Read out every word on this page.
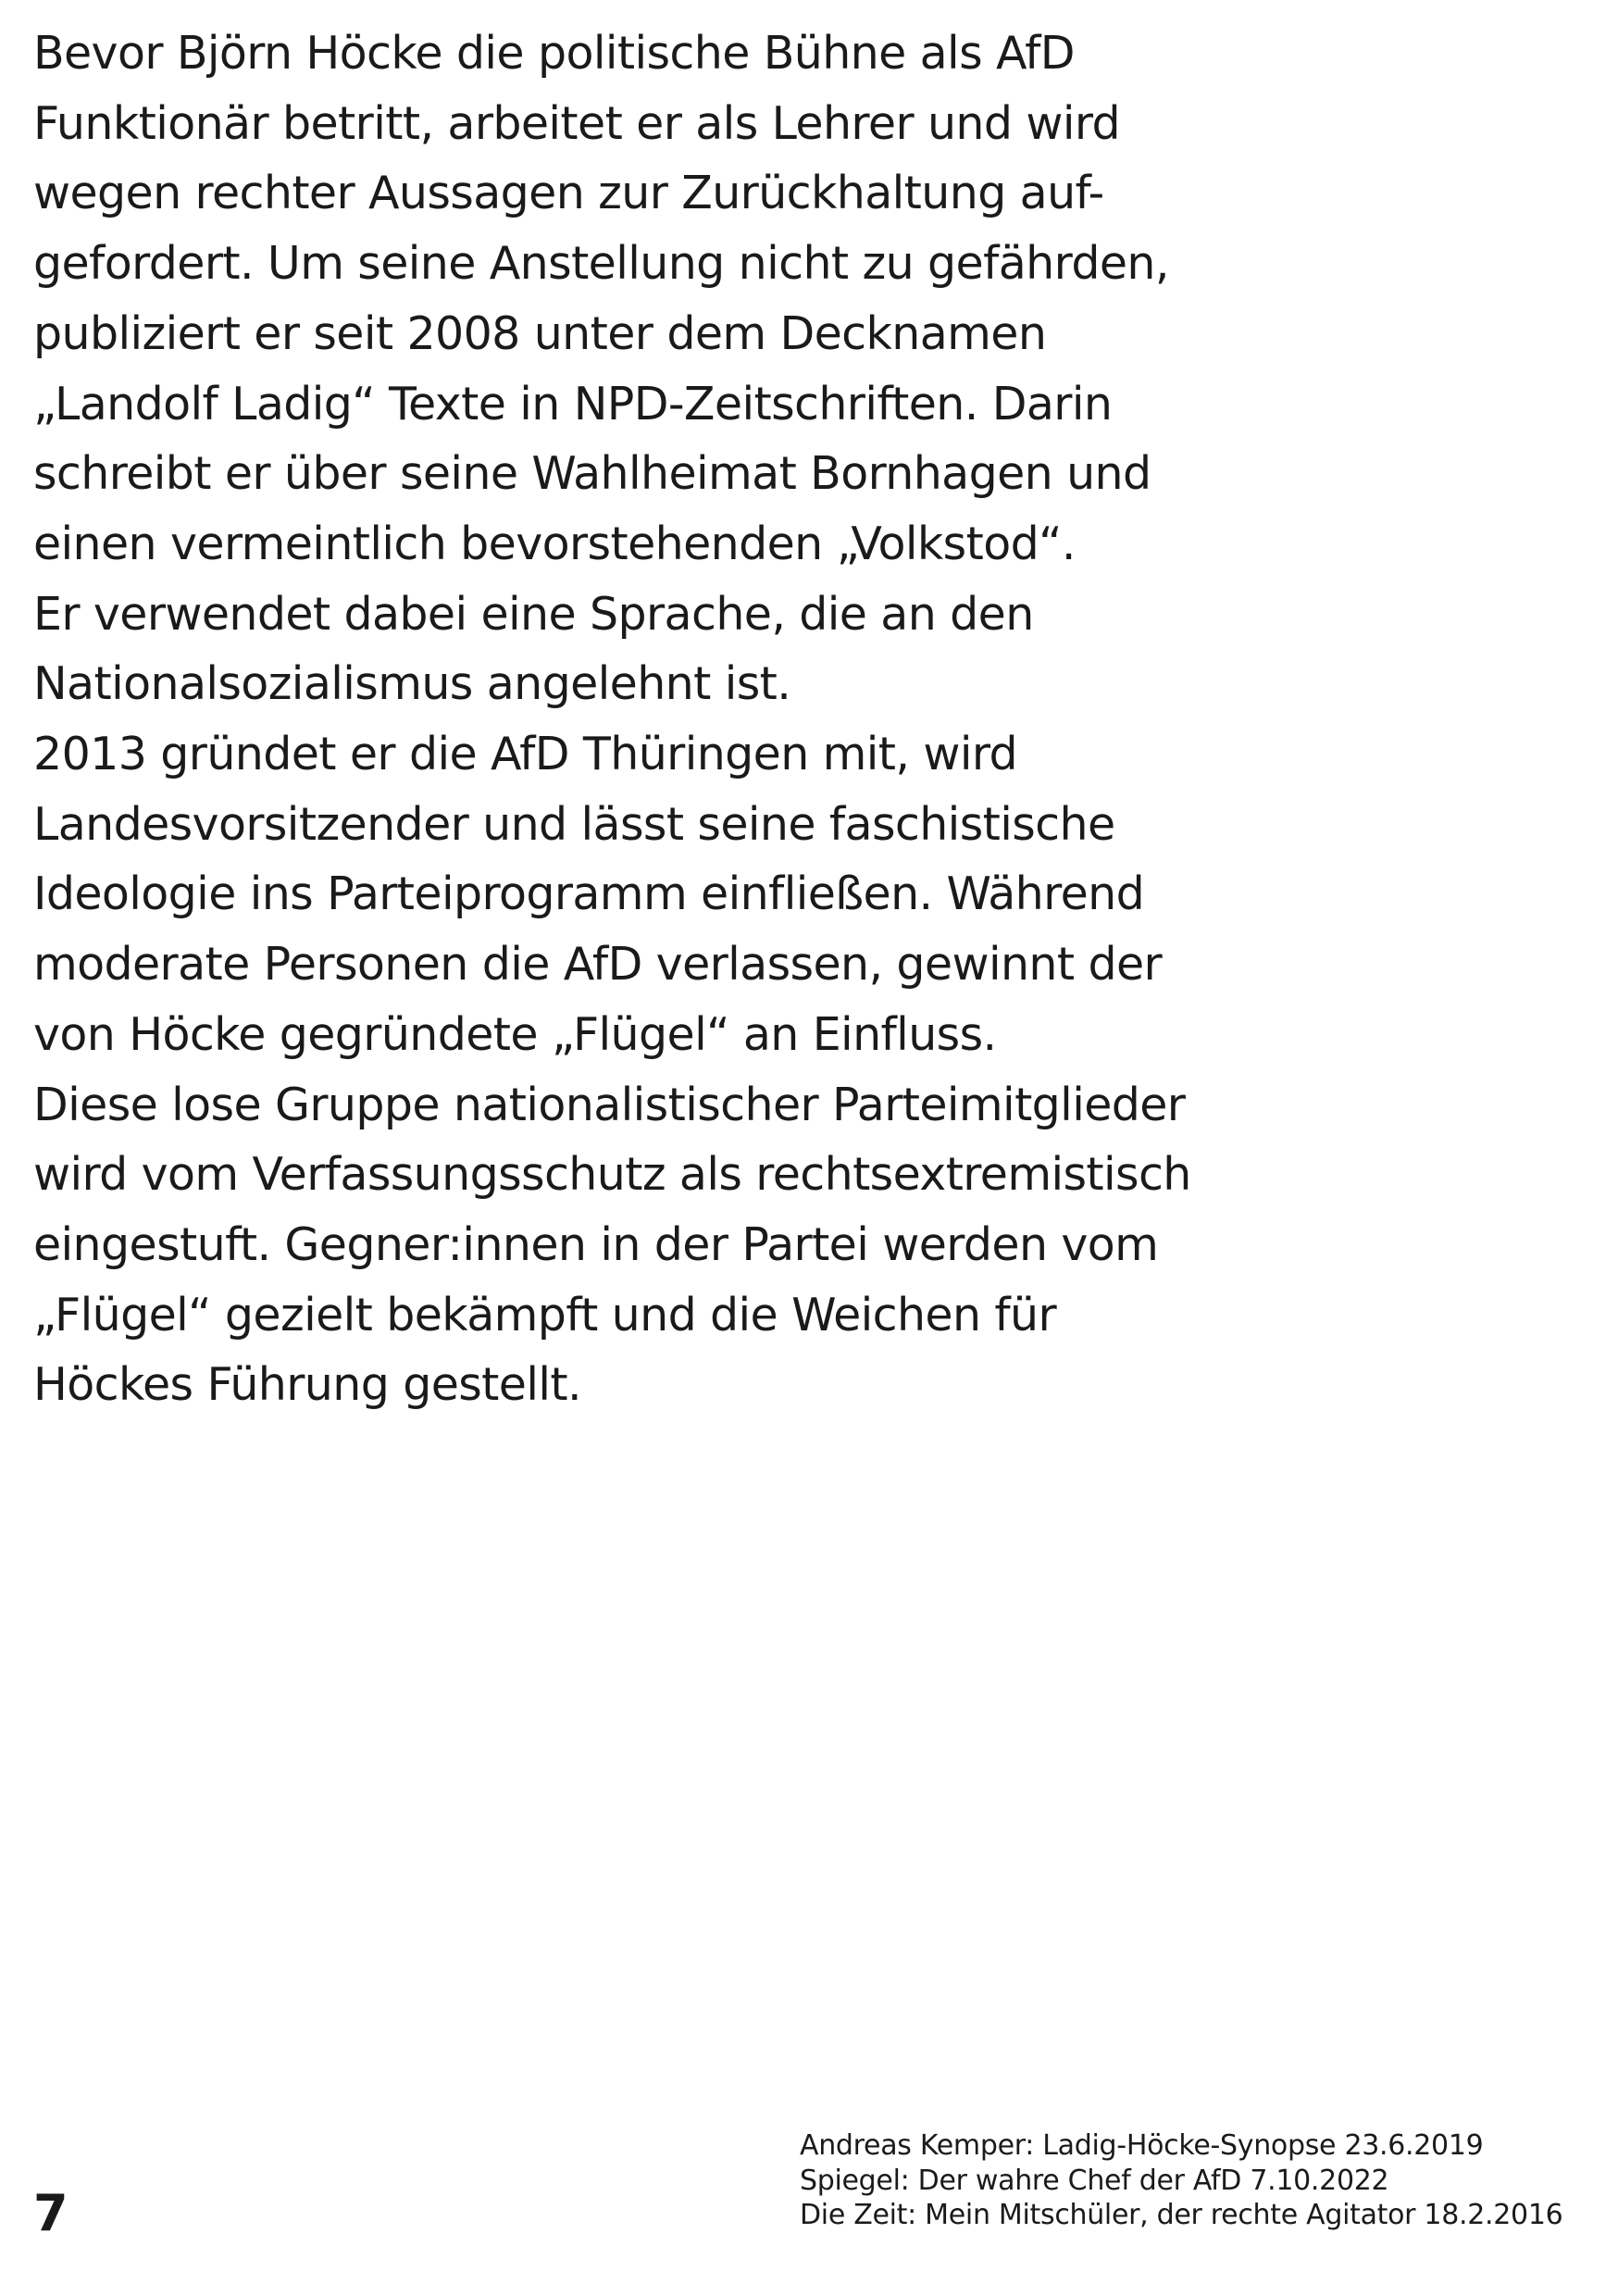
Bevor Björn Höcke die politische Bühne als AfD
Funktionär betritt, arbeitet er als Lehrer und wird
wegen rechter Aussagen zur Zurückhaltung auf-
gefordert. Um seine Anstellung nicht zu gefährden,
publiziert er seit 2008 unter dem Decknamen
„Landolf Ladig“ Texte in NPD-Zeitschriften. Darin
schreibt er über seine Wahlheimat Bornhagen und
einen vermeintlich bevorstehenden „Volkstod“.
Er verwendet dabei eine Sprache, die an den
Nationalsozialismus angelehnt ist.
2013 gründet er die AfD Thüringen mit, wird
Landesvorsitzender und lässt seine faschistische
Ideologie ins Parteiprogramm einfließen. Während
moderate Personen die AfD verlassen, gewinnt der
von Höcke gegründete „Flügel“ an Einfluss.
Diese lose Gruppe nationalistischer Parteimitglieder
wird vom Verfassungsschutz als rechtsextremistisch
eingestuft. Gegner:innen in der Partei werden vom
„Flügel“ gezielt bekämpft und die Weichen für
Höckes Führung gestellt.
7
Andreas Kemper: Ladig-Höcke-Synopse 23.6.2019
Spiegel: Der wahre Chef der AfD 7.10.2022
Die Zeit: Mein Mitschüler, der rechte Agitator 18.2.2016
